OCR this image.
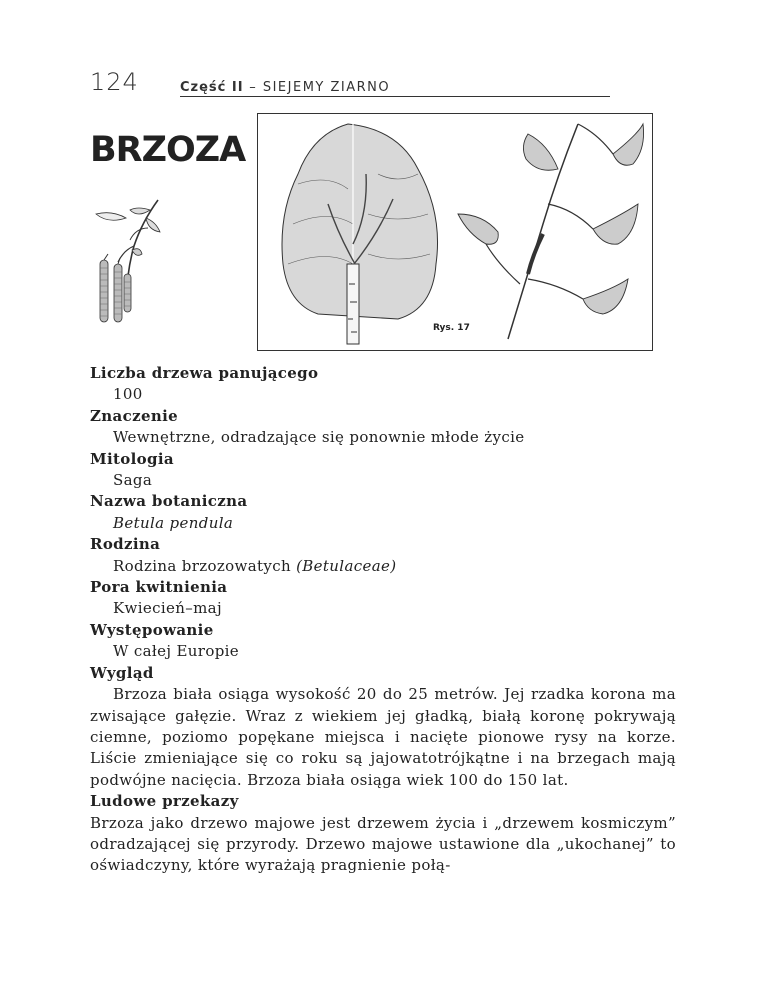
124	Część II – SIEJEMY ZIARNO
BRZOZA
Rys. 17

Liczba drzewa panującego

100

Znaczenie

Wewnętrzne, odradzające się ponownie młode życie

Mitologia

Saga

Nazwa botaniczna

Betula pendula

Rodzina

Rodzina brzozowatych (Betulaceae)

Pora kwitnienia

Kwiecień–maj

Występowanie

W całej Europie

Wygląd

Brzoza biała osiąga wysokość 20 do 25 metrów. Jej rzadka korona ma zwisające gałęzie. Wraz z wiekiem jej gładką, białą koronę pokrywają ciemne, poziomo popękane miejsca i nacięte pionowe rysy na korze. Liście zmieniające się co roku są jajowatotrójkątne i na brzegach mają podwójne nacięcia. Brzoza biała osiąga wiek 100 do 150 lat.

Ludowe przekazy

Brzoza jako drzewo majowe jest drzewem życia i „drzewem kosmiczym” odradzającej się przyrody. Drzewo majowe ustawione dla „ukochanej” to oświadczyny, które wyrażają pragnienie połą-
